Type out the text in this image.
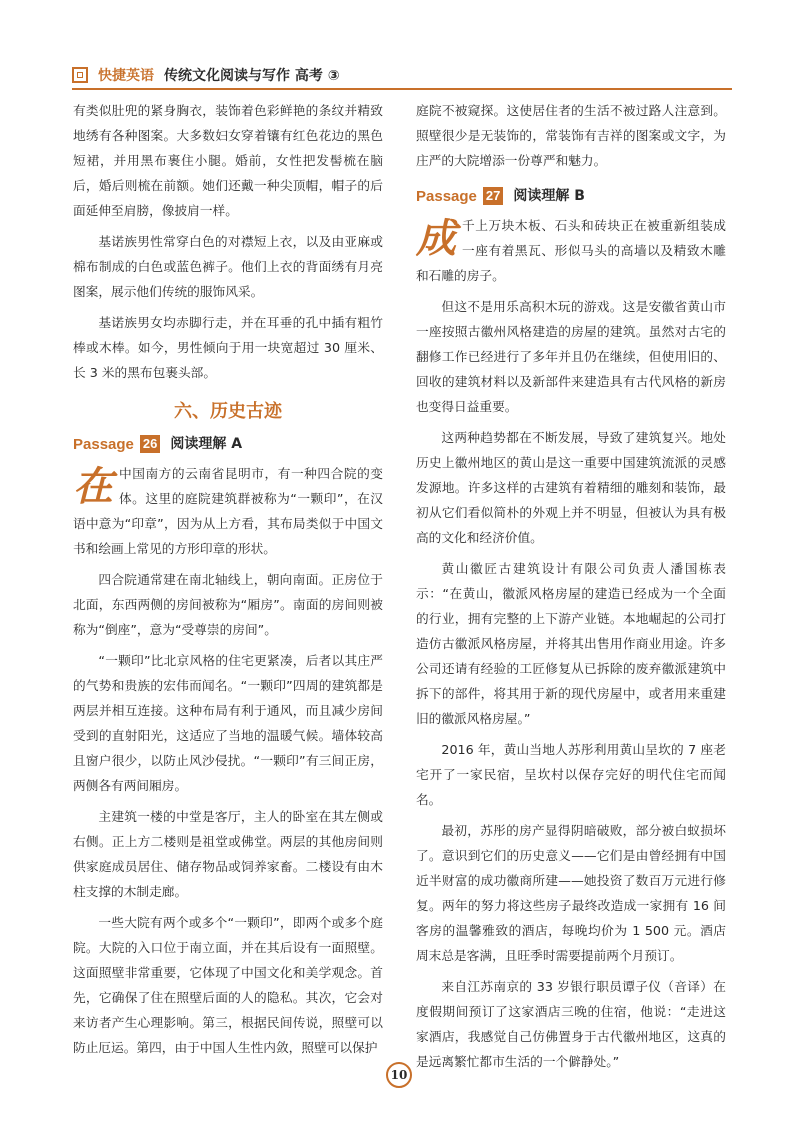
快捷英语 传统文化阅读与写作 高考 ③

有类似肚兜的紧身胸衣，装饰着色彩鲜艳的条纹并精致地绣有各种图案。大多数妇女穿着镶有红色花边的黑色短裙，并用黑布裹住小腿。婚前，女性把发髻梳在脑后，婚后则梳在前额。她们还戴一种尖顶帽，帽子的后面延伸至肩膀，像披肩一样。

基诺族男性常穿白色的对襟短上衣，以及由亚麻或棉布制成的白色或蓝色裤子。他们上衣的背面绣有月亮图案，展示他们传统的服饰风采。

基诺族男女均赤脚行走，并在耳垂的孔中插有粗竹棒或木棒。如今，男性倾向于用一块宽超过 30 厘米、长 3 米的黑布包裹头部。

六、历史古迹
Passage 26 阅读理解 A

在中国南方的云南省昆明市，有一种四合院的变体。这里的庭院建筑群被称为“一颗印”，在汉语中意为“印章”，因为从上方看，其布局类似于中国文书和绘画上常见的方形印章的形状。

四合院通常建在南北轴线上，朝向南面。正房位于北面，东西两侧的房间被称为“厢房”。南面的房间则被称为“倒座”，意为“受尊崇的房间”。

“一颗印”比北京风格的住宅更紧凑，后者以其庄严的气势和贵族的宏伟而闻名。“一颗印”四周的建筑都是两层并相互连接。这种布局有利于通风，而且减少房间受到的直射阳光，这适应了当地的温暖气候。墙体较高且窗户很少，以防止风沙侵扰。“一颗印”有三间正房，两侧各有两间厢房。

主建筑一楼的中堂是客厅，主人的卧室在其左侧或右侧。正上方二楼则是祖堂或佛堂。两层的其他房间则供家庭成员居住、储存物品或饲养家畜。二楼设有由木柱支撑的木制走廊。

一些大院有两个或多个“一颗印”，即两个或多个庭院。大院的入口位于南立面，并在其后设有一面照壁。这面照壁非常重要，它体现了中国文化和美学观念。首先，它确保了住在照壁后面的人的隐私。其次，它会对来访者产生心理影响。第三，根据民间传说，照壁可以防止厄运。第四，由于中国人生性内敛，照壁可以保护

庭院不被窥探。这使居住者的生活不被过路人注意到。照壁很少是无装饰的，常装饰有吉祥的图案或文字，为庄严的大院增添一份尊严和魅力。

Passage 27 阅读理解 B

成千上万块木板、石头和砖块正在被重新组装成一座有着黑瓦、形似马头的高墙以及精致木雕和石雕的房子。

但这不是用乐高积木玩的游戏。这是安徽省黄山市一座按照古徽州风格建造的房屋的建筑。虽然对古宅的翻修工作已经进行了多年并且仍在继续，但使用旧的、回收的建筑材料以及新部件来建造具有古代风格的新房也变得日益重要。

这两种趋势都在不断发展，导致了建筑复兴。地处历史上徽州地区的黄山是这一重要中国建筑流派的灵感发源地。许多这样的古建筑有着精细的雕刻和装饰，最初从它们看似简朴的外观上并不明显，但被认为具有极高的文化和经济价值。

黄山徽匠古建筑设计有限公司负责人潘国栋表示：“在黄山，徽派风格房屋的建造已经成为一个全面的行业，拥有完整的上下游产业链。本地崛起的公司打造仿古徽派风格房屋，并将其出售用作商业用途。许多公司还请有经验的工匠修复从已拆除的废弃徽派建筑中拆下的部件，将其用于新的现代房屋中，或者用来重建旧的徽派风格房屋。”

2016 年，黄山当地人苏彤利用黄山呈坎的 7 座老宅开了一家民宿，呈坎村以保存完好的明代住宅而闻名。

最初，苏彤的房产显得阴暗破败，部分被白蚁损坏了。意识到它们的历史意义——它们是由曾经拥有中国近半财富的成功徽商所建——她投资了数百万元进行修复。两年的努力将这些房子最终改造成一家拥有 16 间客房的温馨雅致的酒店，每晚均价为 1 500 元。酒店周末总是客满，且旺季时需要提前两个月预订。

来自江苏南京的 33 岁银行职员谭子仪（音译）在度假期间预订了这家酒店三晚的住宿，他说：“走进这家酒店，我感觉自己仿佛置身于古代徽州地区，这真的是远离繁忙都市生活的一个僻静处。”

10
